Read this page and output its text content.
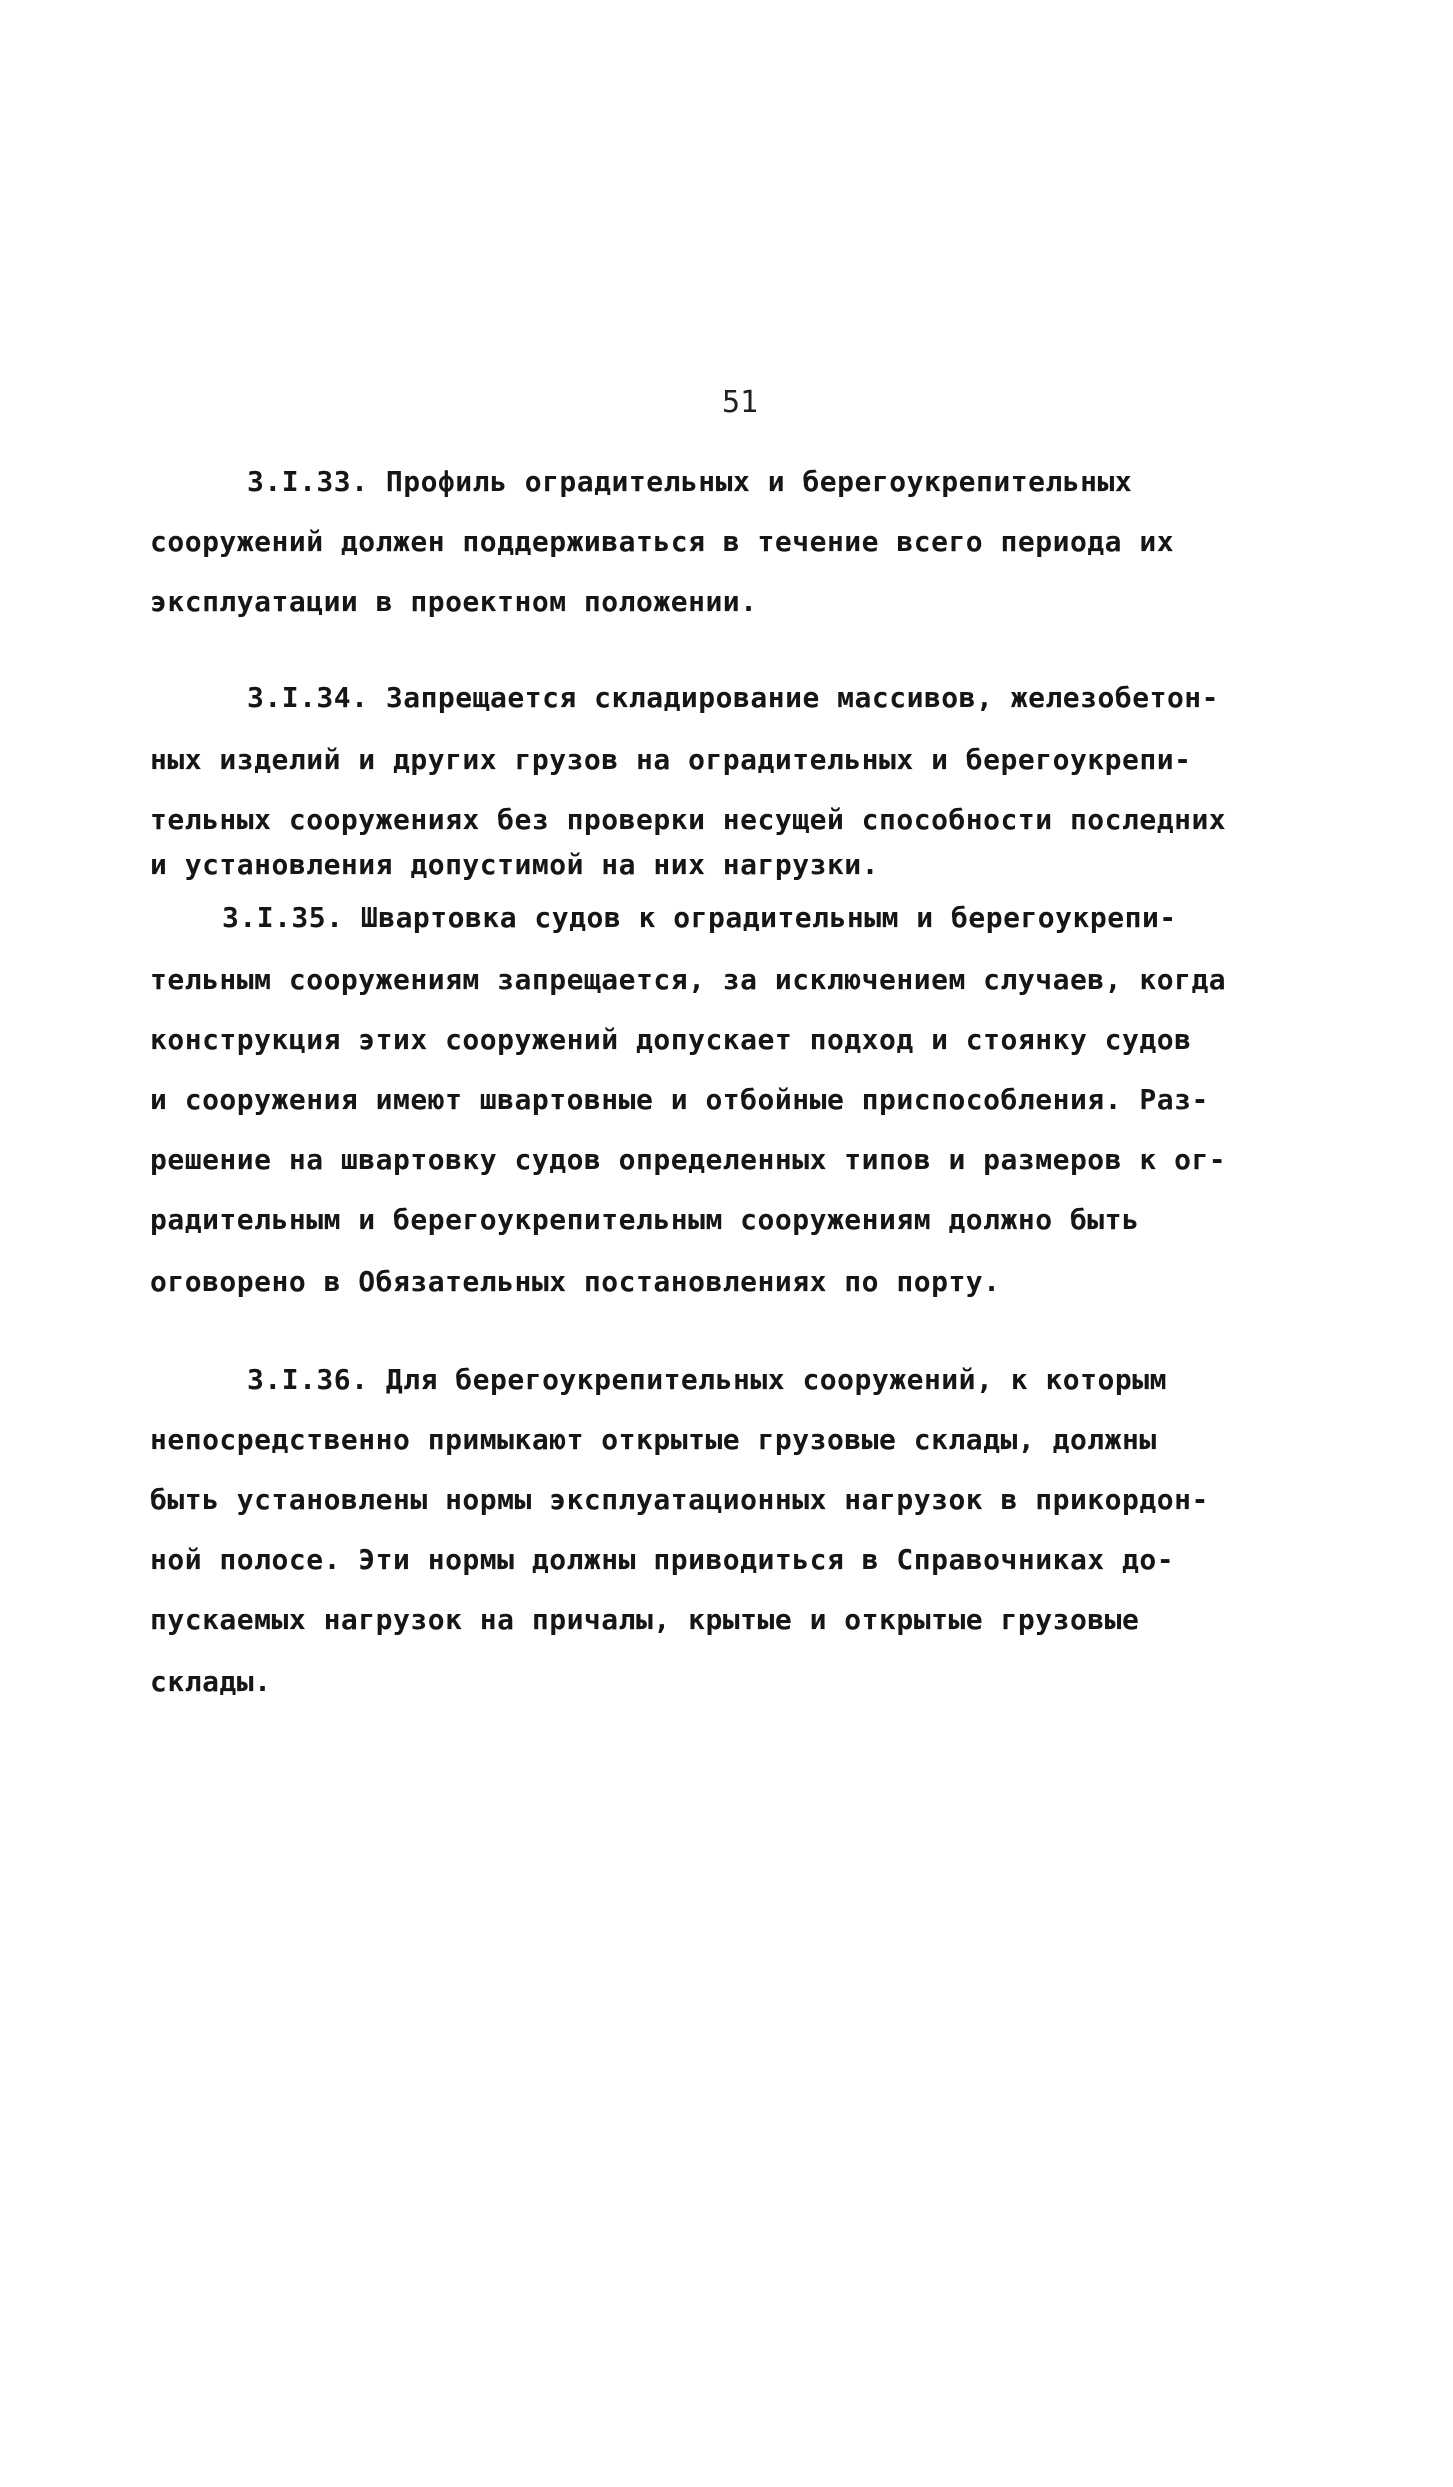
51
3.I.33. Профиль оградительных и берегоукрепительных
сооружений должен поддерживаться в течение всего периода их
эксплуатации в проектном положении.
3.I.34. Запрещается складирование массивов, железобетон-
ных изделий и других грузов на оградительных и берегоукрепи-
тельных сооружениях без проверки несущей способности последних
и установления допустимой на них нагрузки.
3.I.35. Швартовка судов к оградительным и берегоукрепи-
тельным сооружениям запрещается, за исключением случаев, когда
конструкция этих сооружений допускает подход и стоянку судов
и сооружения имеют швартовные и отбойные приспособления. Раз-
решение на швартовку судов определенных типов и размеров к ог-
радительным и берегоукрепительным сооружениям должно быть
оговорено в Обязательных постановлениях по порту.
3.I.36. Для берегоукрепительных сооружений, к которым
непосредственно примыкают открытые грузовые склады, должны
быть установлены нормы эксплуатационных нагрузок в прикордон-
ной полосе. Эти нормы должны приводиться в Справочниках до-
пускаемых нагрузок на причалы, крытые и открытые грузовые
склады.
